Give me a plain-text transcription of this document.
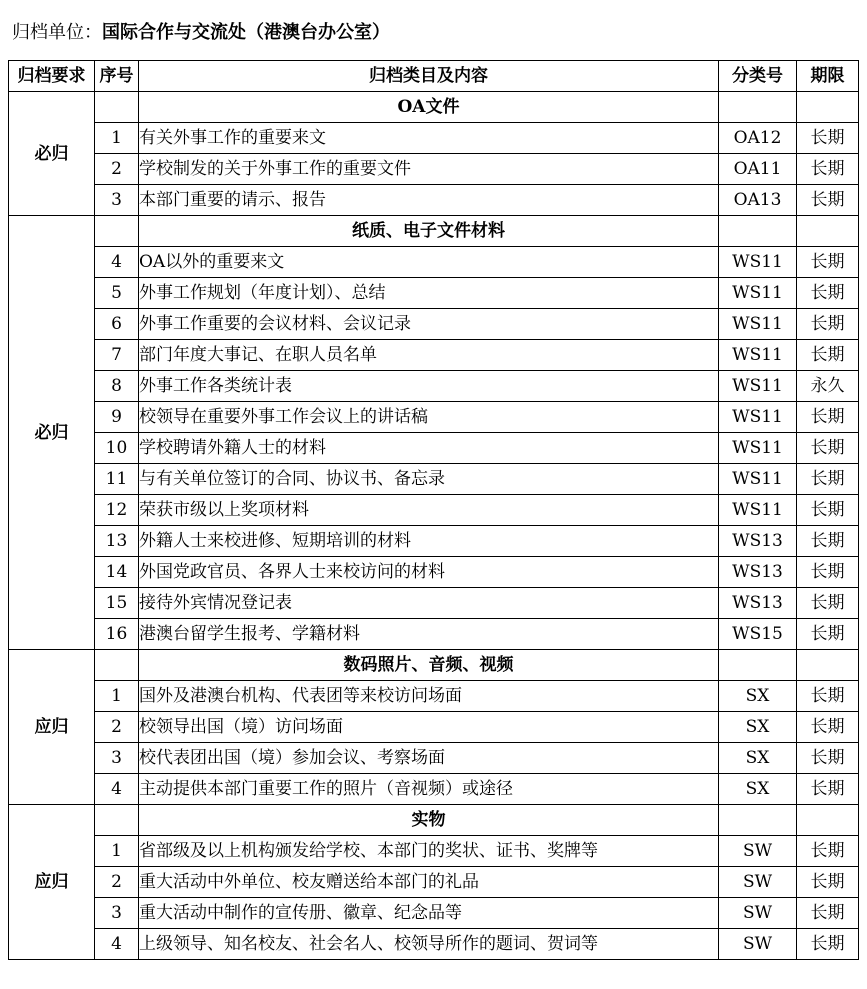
归档单位：国际合作与交流处（港澳台办公室）
归档要求	序号	归档类目及内容	分类号	期限
必归		OA文件		
	1	有关外事工作的重要来文	OA12	长期
	2	学校制发的关于外事工作的重要文件	OA11	长期
	3	本部门重要的请示、报告	OA13	长期
必归		纸质、电子文件材料		
	4	OA以外的重要来文	WS11	长期
	5	外事工作规划（年度计划）、总结	WS11	长期
	6	外事工作重要的会议材料、会议记录	WS11	长期
	7	部门年度大事记、在职人员名单	WS11	长期
	8	外事工作各类统计表	WS11	永久
	9	校领导在重要外事工作会议上的讲话稿	WS11	长期
	10	学校聘请外籍人士的材料	WS11	长期
	11	与有关单位签订的合同、协议书、备忘录	WS11	长期
	12	荣获市级以上奖项材料	WS11	长期
	13	外籍人士来校进修、短期培训的材料	WS13	长期
	14	外国党政官员、各界人士来校访问的材料	WS13	长期
	15	接待外宾情况登记表	WS13	长期
	16	港澳台留学生报考、学籍材料	WS15	长期
应归		数码照片、音频、视频		
	1	国外及港澳台机构、代表团等来校访问场面	SX	长期
	2	校领导出国（境）访问场面	SX	长期
	3	校代表团出国（境）参加会议、考察场面	SX	长期
	4	主动提供本部门重要工作的照片（音视频）或途径	SX	长期
应归		实物		
	1	省部级及以上机构颁发给学校、本部门的奖状、证书、奖牌等	SW	长期
	2	重大活动中外单位、校友赠送给本部门的礼品	SW	长期
	3	重大活动中制作的宣传册、徽章、纪念品等	SW	长期
	4	上级领导、知名校友、社会名人、校领导所作的题词、贺词等	SW	长期
